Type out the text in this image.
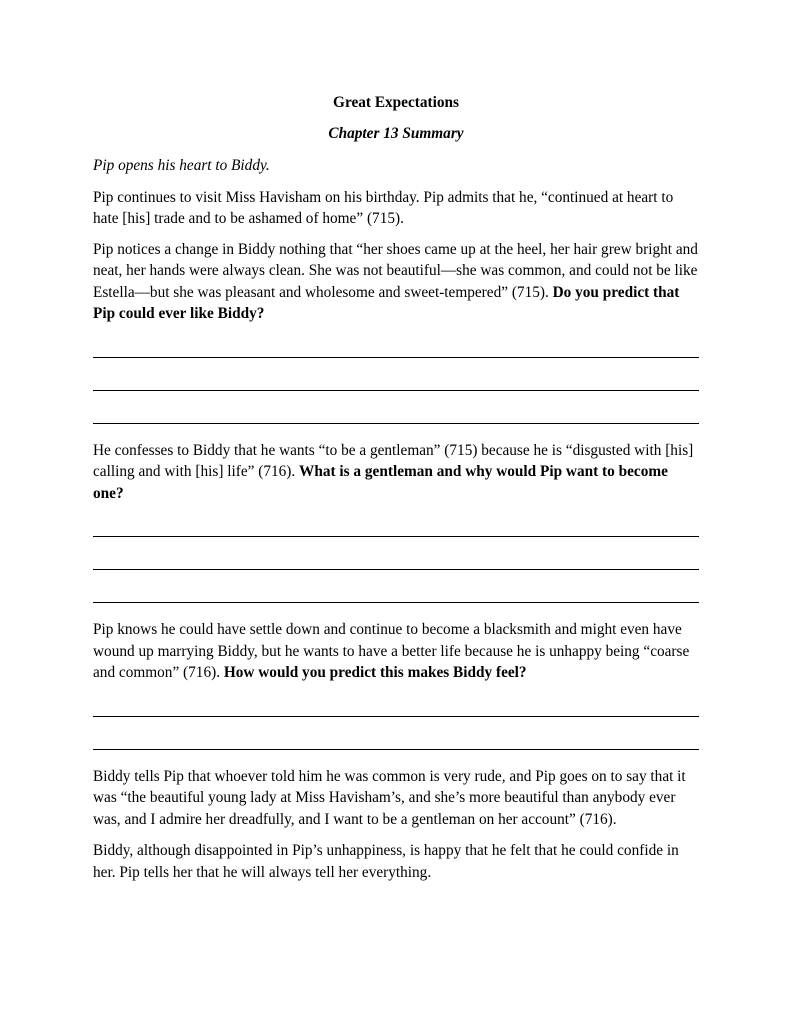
Great Expectations
Chapter 13 Summary

Pip opens his heart to Biddy.

Pip continues to visit Miss Havisham on his birthday. Pip admits that he, “continued at heart to hate [his] trade and to be ashamed of home” (715).

Pip notices a change in Biddy nothing that “her shoes came up at the heel, her hair grew bright and neat, her hands were always clean. She was not beautiful—she was common, and could not be like Estella—but she was pleasant and wholesome and sweet-tempered” (715). Do you predict that Pip could ever like Biddy?

He confesses to Biddy that he wants “to be a gentleman” (715) because he is “disgusted with [his] calling and with [his] life” (716). What is a gentleman and why would Pip want to become one?

Pip knows he could have settle down and continue to become a blacksmith and might even have wound up marrying Biddy, but he wants to have a better life because he is unhappy being “coarse and common” (716). How would you predict this makes Biddy feel?

Biddy tells Pip that whoever told him he was common is very rude, and Pip goes on to say that it was “the beautiful young lady at Miss Havisham’s, and she’s more beautiful than anybody ever was, and I admire her dreadfully, and I want to be a gentleman on her account” (716).

Biddy, although disappointed in Pip’s unhappiness, is happy that he felt that he could confide in her. Pip tells her that he will always tell her everything.
